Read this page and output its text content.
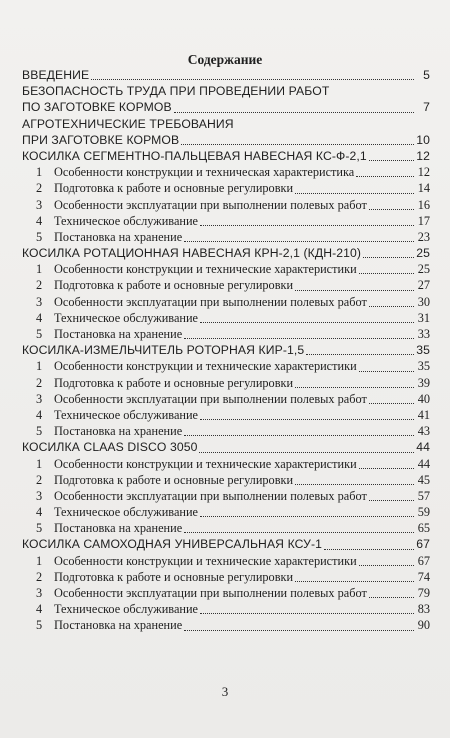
Содержание
ВВЕДЕНИЕ	5
БЕЗОПАСНОСТЬ ТРУДА ПРИ ПРОВЕДЕНИИ РАБОТ
ПО ЗАГОТОВКЕ КОРМОВ	7
АГРОТЕХНИЧЕСКИЕ ТРЕБОВАНИЯ
ПРИ ЗАГОТОВКЕ КОРМОВ	10
КОСИЛКА СЕГМЕНТНО-ПАЛЬЦЕВАЯ НАВЕСНАЯ КС-Ф-2,1	12
1 Особенности конструкции и техническая характеристика	12
2 Подготовка к работе и основные регулировки	14
3 Особенности эксплуатации при выполнении полевых работ	16
4 Техническое обслуживание	17
5 Постановка на хранение	23
КОСИЛКА РОТАЦИОННАЯ НАВЕСНАЯ КРН-2,1 (КДН-210)	25
1 Особенности конструкции и технические характеристики	25
2 Подготовка к работе и основные регулировки	27
3 Особенности эксплуатации при выполнении полевых работ	30
4 Техническое обслуживание	31
5 Постановка на хранение	33
КОСИЛКА-ИЗМЕЛЬЧИТЕЛЬ РОТОРНАЯ КИР-1,5	35
1 Особенности конструкции и технические характеристики	35
2 Подготовка к работе и основные регулировки	39
3 Особенности эксплуатации при выполнении полевых работ	40
4 Техническое обслуживание	41
5 Постановка на хранение	43
КОСИЛКА CLAAS DISCO 3050	44
1 Особенности конструкции и технические характеристики	44
2 Подготовка к работе и основные регулировки	45
3 Особенности эксплуатации при выполнении полевых работ	57
4 Техническое обслуживание	59
5 Постановка на хранение	65
КОСИЛКА САМОХОДНАЯ УНИВЕРСАЛЬНАЯ КСУ-1	67
1 Особенности конструкции и технические характеристики	67
2 Подготовка к работе и основные регулировки	74
3 Особенности эксплуатации при выполнении полевых работ	79
4 Техническое обслуживание	83
5 Постановка на хранение	90
3
